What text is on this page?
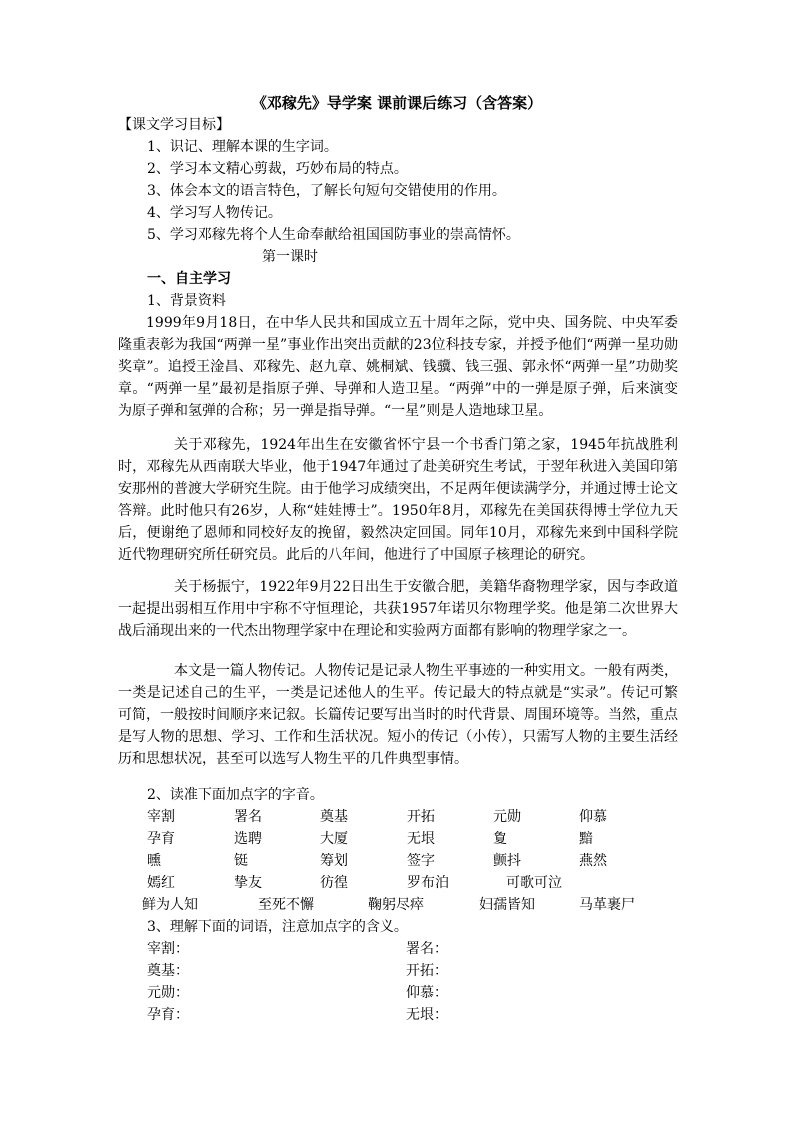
《邓稼先》导学案 课前课后练习（含答案）
【课文学习目标】
1、识记、理解本课的生字词。
2、学习本文精心剪裁，巧妙布局的特点。
3、体会本文的语言特色，了解长句短句交错使用的作用。
4、学习写人物传记。
5、学习邓稼先将个人生命奉献给祖国国防事业的崇高情怀。
第一课时
一、自主学习
1、背景资料

1999年9月18日，在中华人民共和国成立五十周年之际，党中央、国务院、中央军委隆重表彰为我国“两弹一星”事业作出突出贡献的23位科技专家，并授予他们“两弹一星功勋奖章”。追授王淦昌、邓稼先、赵九章、姚桐斌、钱骥、钱三强、郭永怀“两弹一星”功勋奖章。“两弹一星”最初是指原子弹、导弹和人造卫星。“两弹”中的一弹是原子弹，后来演变为原子弹和氢弹的合称；另一弹是指导弹。“一星”则是人造地球卫星。

关于邓稼先，1924年出生在安徽省怀宁县一个书香门第之家，1945年抗战胜利时，邓稼先从西南联大毕业，他于1947年通过了赴美研究生考试，于翌年秋进入美国印第安那州的普渡大学研究生院。由于他学习成绩突出，不足两年便读满学分，并通过博士论文答辩。此时他只有26岁，人称“娃娃博士”。1950年8月，邓稼先在美国获得博士学位九天后，便谢绝了恩师和同校好友的挽留，毅然决定回国。同年10月，邓稼先来到中国科学院近代物理研究所任研究员。此后的八年间，他进行了中国原子核理论的研究。

关于杨振宁，1922年9月22日出生于安徽合肥，美籍华裔物理学家，因与李政道一起提出弱相互作用中宇称不守恒理论，共获1957年诺贝尔物理学奖。他是第二次世界大战后涌现出来的一代杰出物理学家中在理论和实验两方面都有影响的物理学家之一。

本文是一篇人物传记。人物传记是记录人物生平事迹的一种实用文。一般有两类，一类是记述自己的生平，一类是记述他人的生平。传记最大的特点就是“实录”。传记可繁可简，一般按时间顺序来记叙。长篇传记要写出当时的时代背景、周围环境等。当然，重点是写人物的思想、学习、工作和生活状况。短小的传记（小传），只需写人物的主要生活经历和思想状况，甚至可以选写人物生平的几件典型事情。

2、读准下面加点字的字音。
宰割	署名	奠基	开拓	元勋	仰慕
孕育	选聘	大厦	无垠	夐	黯
曛	铤	筹划	签字	颤抖	燕然
嫣红	挚友	彷徨	罗布泊	可歌可泣
鲜为人知	至死不懈	鞠躬尽瘁	妇孺皆知	马革裹尸
3、理解下面的词语，注意加点字的含义。
宰割：	署名：
奠基：	开拓：
元勋：	仰慕：
孕育：	无垠：
